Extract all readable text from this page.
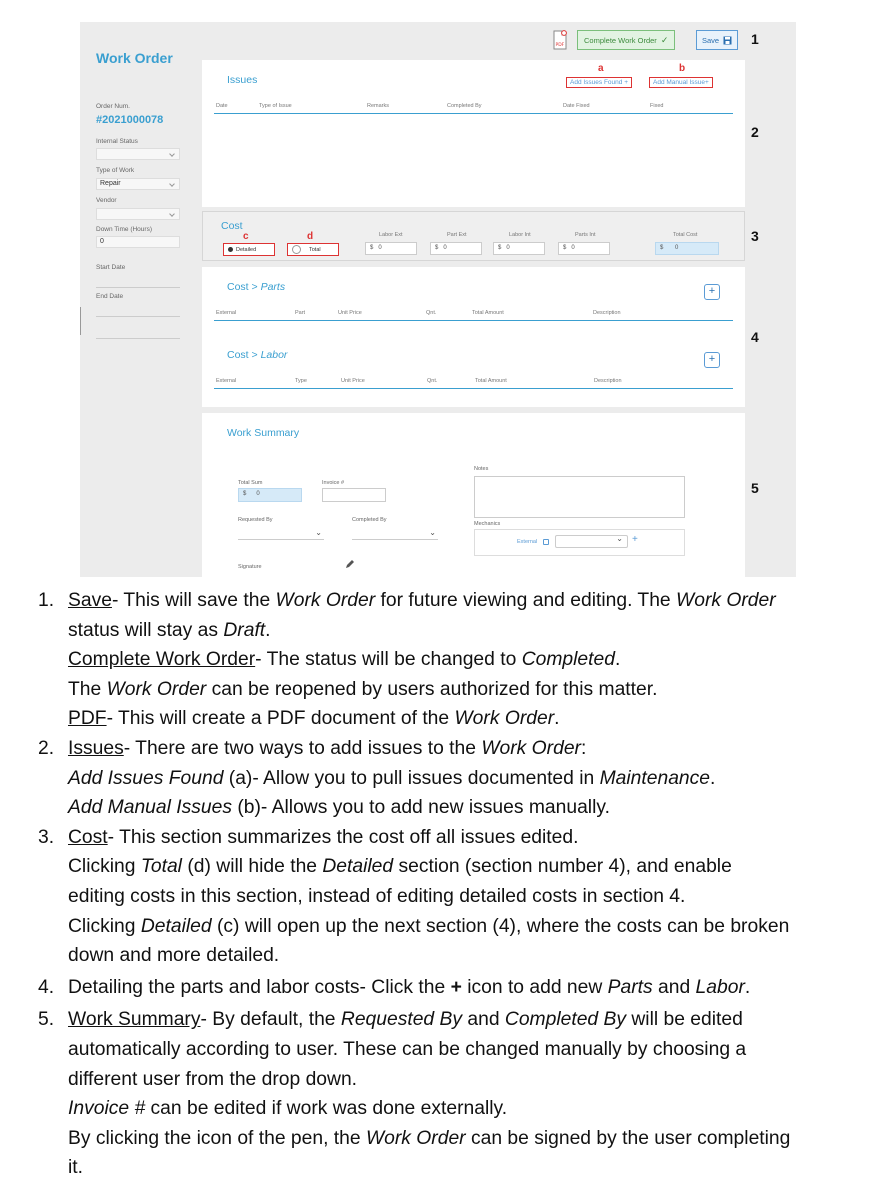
Work Order
Order Num.
#2021000078
Internal Status
Type of Work
Repair
Vendor
Down Time (Hours)
0
Start Date
End Date
PDF
Complete Work Order ✓	Save
Issues
a	b
Add Issues Found +	Add Manual Issue+
Date	Type of Issue	Remarks	Completed By	Date Fixed	Fixed
Cost
c	d
Detailed	Total
Labor Ext
$ 0
Part Ext
$ 0
Labor Int
$ 0
Parts Int
$ 0
Total Cost
$ 0
Cost > Parts	+
External	Part	Unit Price	Qnt.	Total Amount	Description
Cost > Labor	+
External	Type	Unit Price	Qnt.	Total Amount	Description
Work Summary
Total Sum
$ 0
Invoice #
Requested By
⌄
Completed By
⌄
Signature
Notes
Mechanics
External	⌄ +
1
2
3
4
5
1. Save- This will save the Work Order for future viewing and editing. The Work Order
status will stay as Draft.
Complete Work Order- The status will be changed to Completed.
The Work Order can be reopened by users authorized for this matter.
PDF- This will create a PDF document of the Work Order.
2. Issues- There are two ways to add issues to the Work Order:
Add Issues Found (a)- Allow you to pull issues documented in Maintenance.
Add Manual Issues (b)- Allows you to add new issues manually.
3. Cost- This section summarizes the cost off all issues edited.
Clicking Total (d) will hide the Detailed section (section number 4), and enable
editing costs in this section, instead of editing detailed costs in section 4.
Clicking Detailed (c) will open up the next section (4), where the costs can be broken
down and more detailed.
4. Detailing the parts and labor costs- Click the + icon to add new Parts and Labor.
5. Work Summary- By default, the Requested By and Completed By will be edited
automatically according to user. These can be changed manually by choosing a
different user from the drop down.
Invoice # can be edited if work was done externally.
By clicking the icon of the pen, the Work Order can be signed by the user completing
it.
